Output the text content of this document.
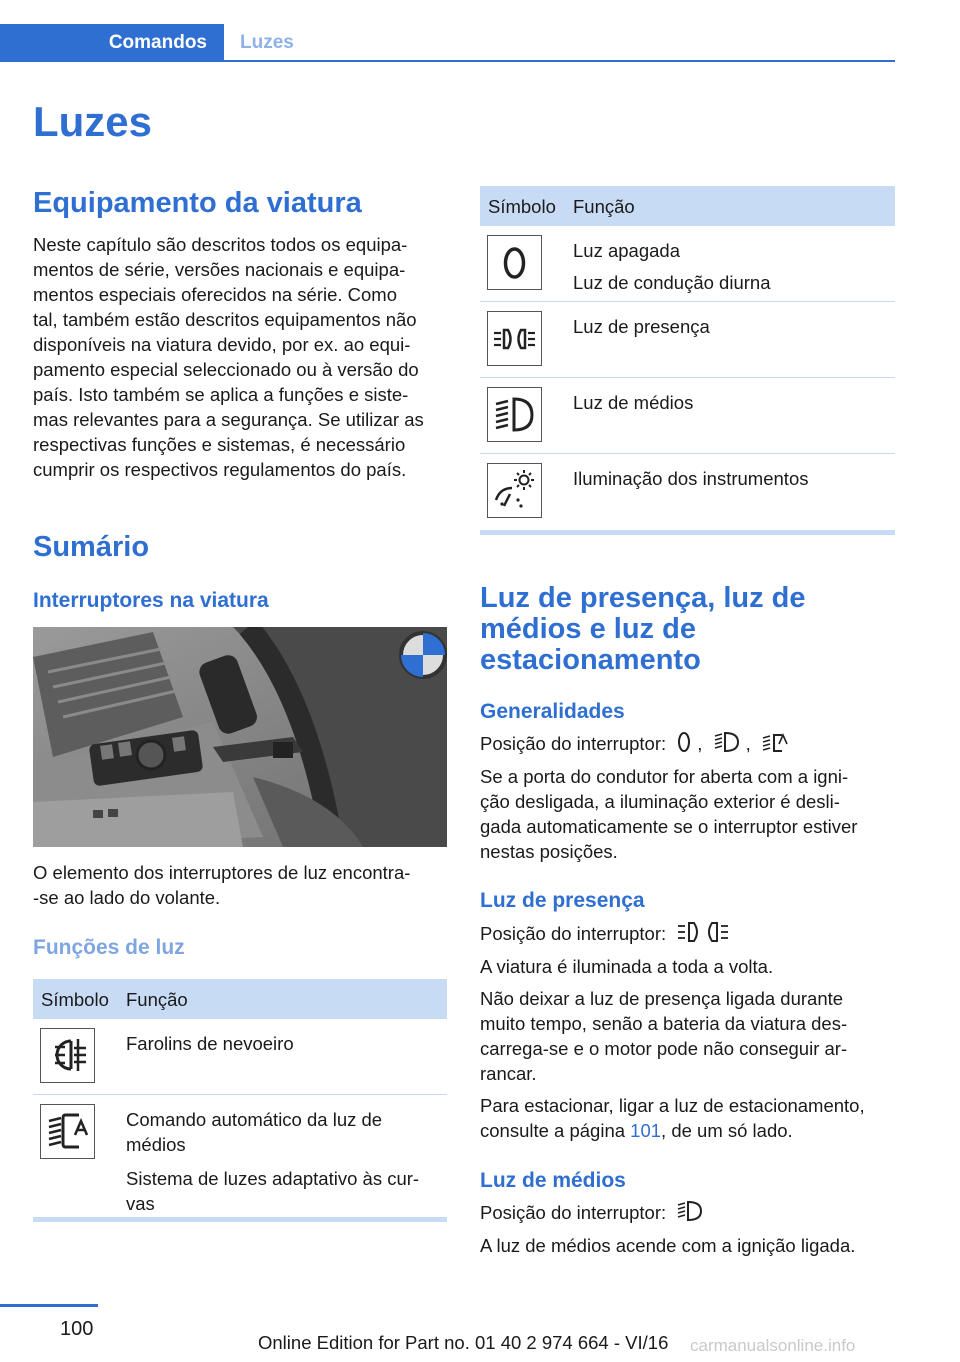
Comandos Luzes
Luzes
Equipamento da viatura
Neste capítulo são descritos todos os equipa-
mentos de série, versões nacionais e equipa-
mentos especiais oferecidos na série. Como
tal, também estão descritos equipamentos não
disponíveis na viatura devido, por ex. ao equi-
pamento especial seleccionado ou à versão do
país. Isto também se aplica a funções e siste-
mas relevantes para a segurança. Se utilizar as
respectivas funções e sistemas, é necessário
cumprir os respectivos regulamentos do país.
Sumário
Interruptores na viatura
O elemento dos interruptores de luz encontra-
-se ao lado do volante.
Funções de luz
Símbolo Função
Farolins de nevoeiro
Comando automático da luz de
médios
Sistema de luzes adaptativo às cur-
vas
Símbolo Função
Luz apagada
Luz de condução diurna
Luz de presença
Luz de médios
Iluminação dos instrumentos
Luz de presença, luz de
médios e luz de
estacionamento
Generalidades
Posição do interruptor: , ,
Se a porta do condutor for aberta com a igni-
ção desligada, a iluminação exterior é desli-
gada automaticamente se o interruptor estiver
nestas posições.
Luz de presença
Posição do interruptor:
A viatura é iluminada a toda a volta.
Não deixar a luz de presença ligada durante
muito tempo, senão a bateria da viatura des-
carrega-se e o motor pode não conseguir ar-
rancar.
Para estacionar, ligar a luz de estacionamento,
consulte a página 101, de um só lado.
Luz de médios
Posição do interruptor:
A luz de médios acende com a ignição ligada.
100
Online Edition for Part no. 01 40 2 974 664 - VI/16 carmanualsonline.info
